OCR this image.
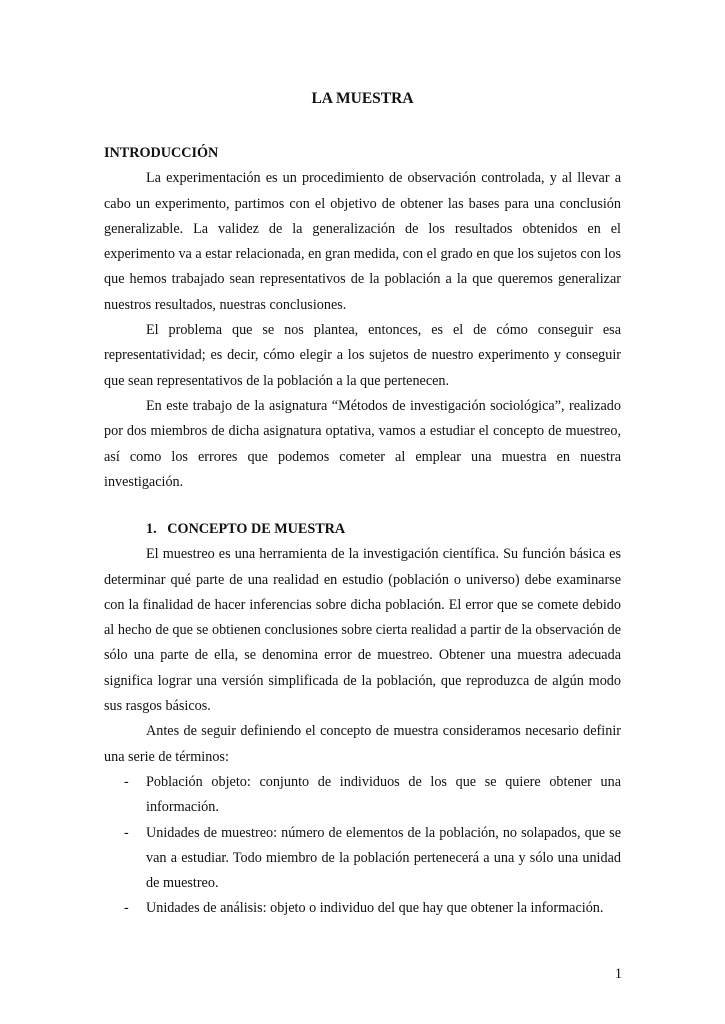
LA MUESTRA
INTRODUCCIÓN

La experimentación es un procedimiento de observación controlada, y al llevar a cabo un experimento, partimos con el objetivo de obtener las bases para una conclusión generalizable. La validez de la generalización de los resultados obtenidos en el experimento va a estar relacionada, en gran medida, con el grado en que los sujetos con los que hemos trabajado sean representativos de la población a la que queremos generalizar nuestros resultados, nuestras conclusiones.

El problema que se nos plantea, entonces, es el de cómo conseguir esa representatividad; es decir, cómo elegir a los sujetos de nuestro experimento y conseguir que sean representativos de la población a la que pertenecen.

En este trabajo de la asignatura “Métodos de investigación sociológica”, realizado por dos miembros de dicha asignatura optativa, vamos a estudiar el concepto de muestreo, así como los errores que podemos cometer al emplear una muestra en nuestra investigación.

1. CONCEPTO DE MUESTRA

El muestreo es una herramienta de la investigación científica. Su función básica es determinar qué parte de una realidad en estudio (población o universo) debe examinarse con la finalidad de hacer inferencias sobre dicha población. El error que se comete debido al hecho de que se obtienen conclusiones sobre cierta realidad a partir de la observación de sólo una parte de ella, se denomina error de muestreo. Obtener una muestra adecuada significa lograr una versión simplificada de la población, que reproduzca de algún modo sus rasgos básicos.

Antes de seguir definiendo el concepto de muestra consideramos necesario definir una serie de términos:

- Población objeto: conjunto de individuos de los que se quiere obtener una información.
- Unidades de muestreo: número de elementos de la población, no solapados, que se van a estudiar. Todo miembro de la población pertenecerá a una y sólo una unidad de muestreo.
- Unidades de análisis: objeto o individuo del que hay que obtener la información.
1
